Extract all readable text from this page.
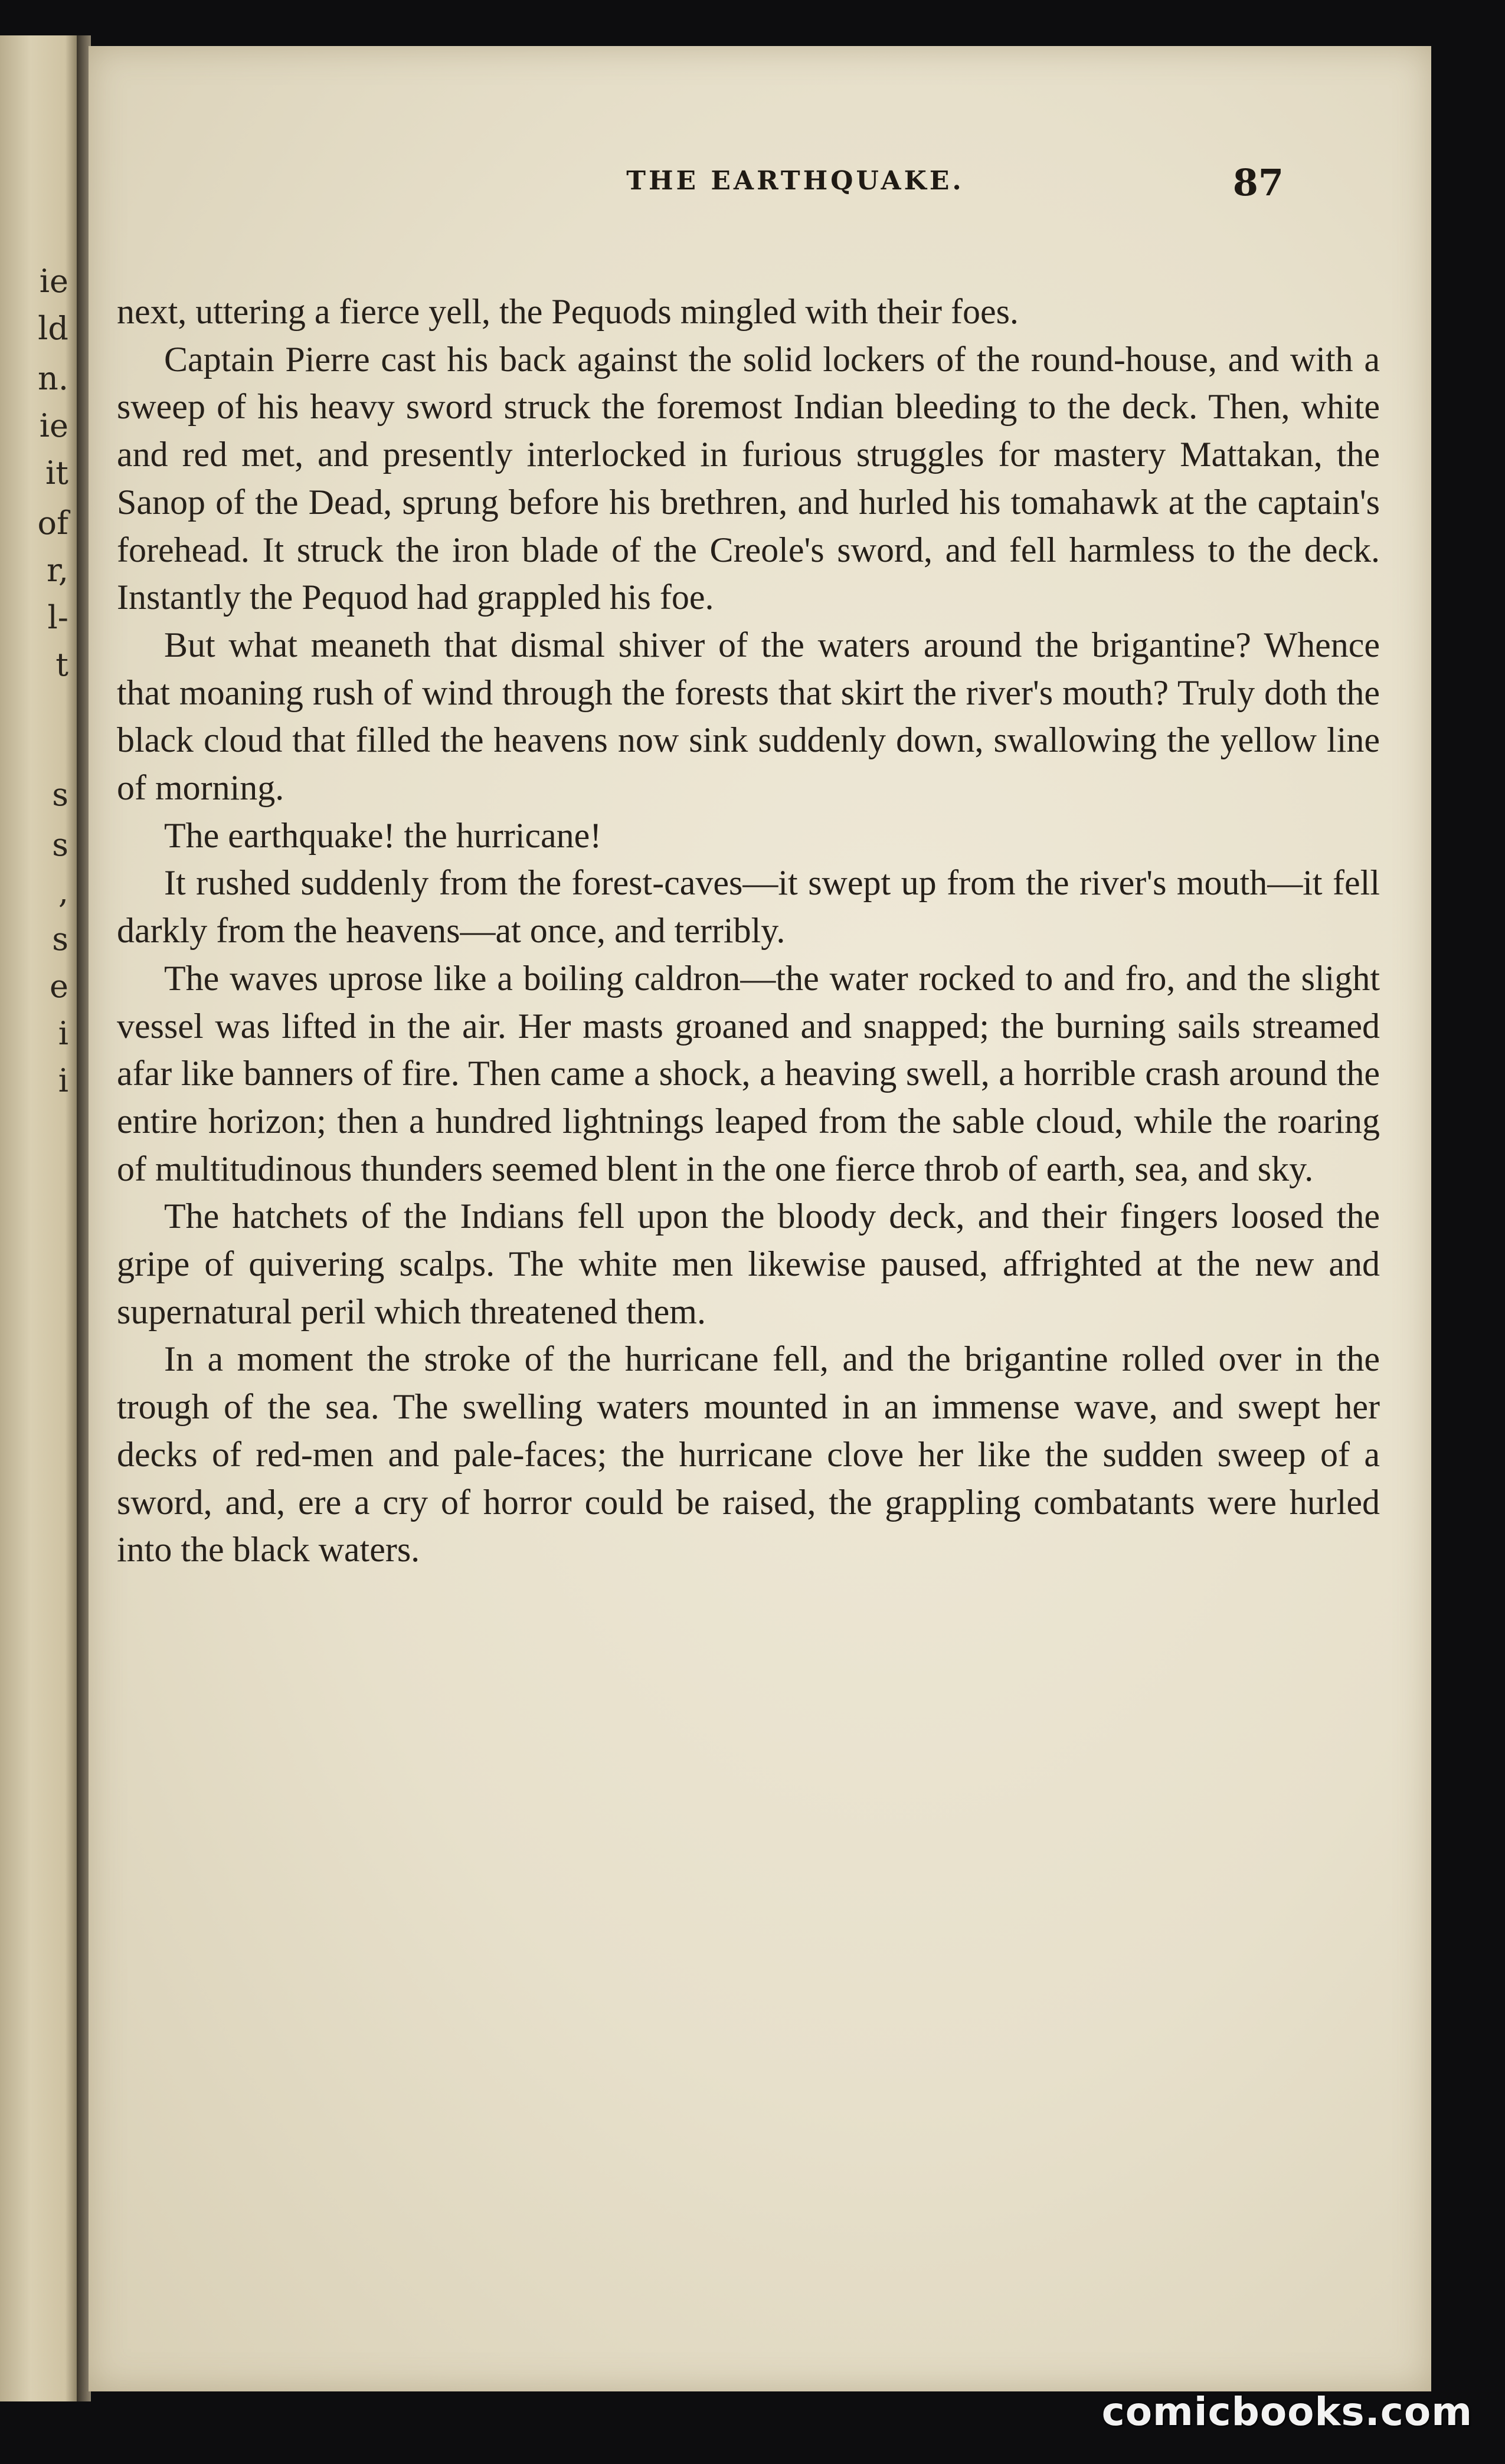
ie
ld
n.
ie
it
of
r,
l-
t
s
s
,
s
e
i
i
THE EARTHQUAKE.	87

next, uttering a fierce yell, the Pequods mingled with their foes.

Captain Pierre cast his back against the solid lockers of the round-house, and with a sweep of his heavy sword struck the foremost Indian bleeding to the deck. Then, white and red met, and presently interlocked in furious struggles for mastery Mattakan, the Sanop of the Dead, sprung before his brethren, and hurled his tomahawk at the captain's forehead. It struck the iron blade of the Creole's sword, and fell harmless to the deck. Instantly the Pequod had grappled his foe.

But what meaneth that dismal shiver of the waters around the brigantine? Whence that moaning rush of wind through the forests that skirt the river's mouth? Truly doth the black cloud that filled the heavens now sink suddenly down, swallowing the yellow line of morning.

The earthquake! the hurricane!

It rushed suddenly from the forest-caves—it swept up from the river's mouth—it fell darkly from the heavens—at once, and terribly.

The waves uprose like a boiling caldron—the water rocked to and fro, and the slight vessel was lifted in the air. Her masts groaned and snapped; the burning sails streamed afar like banners of fire. Then came a shock, a heaving swell, a horrible crash around the entire horizon; then a hundred lightnings leaped from the sable cloud, while the roaring of multitudinous thunders seemed blent in the one fierce throb of earth, sea, and sky.

The hatchets of the Indians fell upon the bloody deck, and their fingers loosed the gripe of quivering scalps. The white men likewise paused, affrighted at the new and supernatural peril which threatened them.

In a moment the stroke of the hurricane fell, and the brigantine rolled over in the trough of the sea. The swelling waters mounted in an immense wave, and swept her decks of red-men and pale-faces; the hurricane clove her like the sudden sweep of a sword, and, ere a cry of horror could be raised, the grappling combatants were hurled into the black waters.

comicbooks.com
